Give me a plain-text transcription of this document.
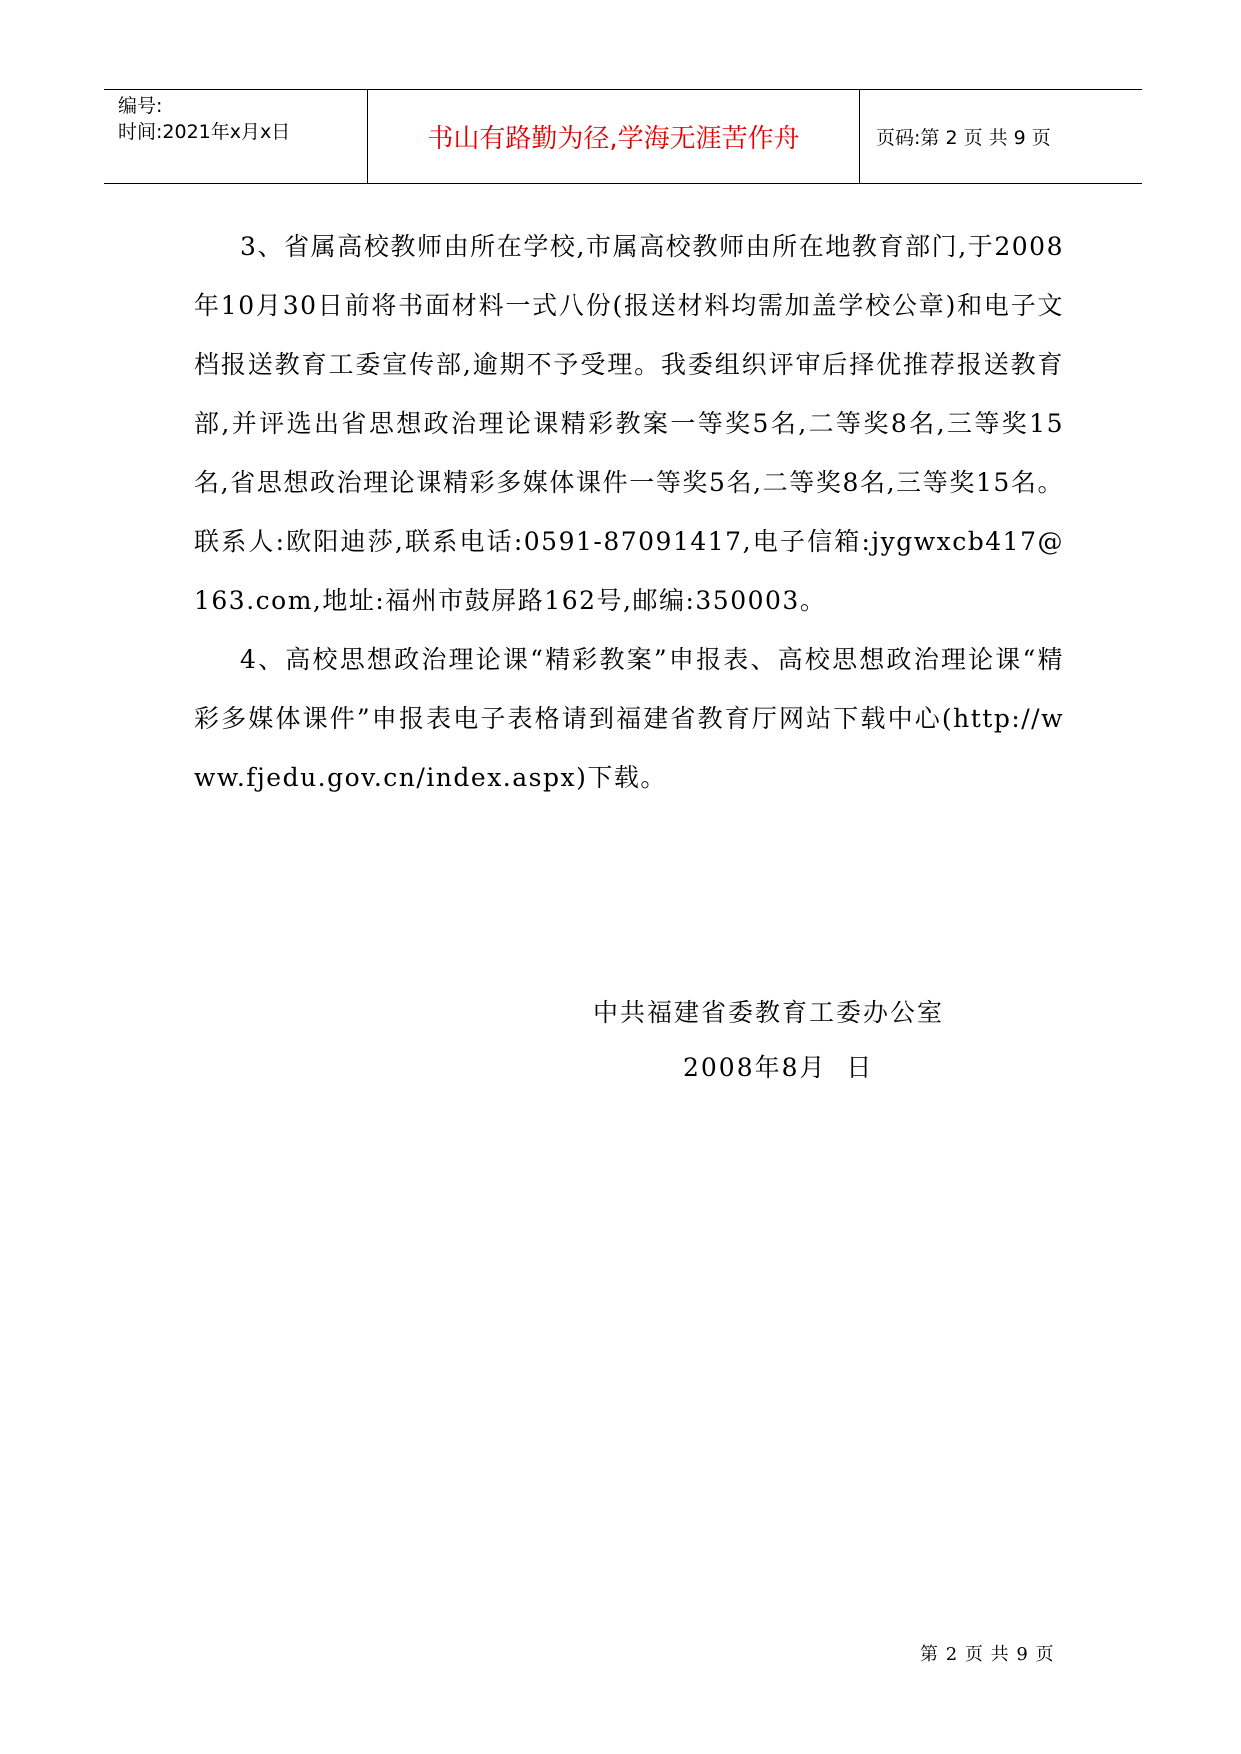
编号:
时间:2021年x月x日	书山有路勤为径,学海无涯苦作舟	页码:第 2 页 共 9 页

3、省属高校教师由所在学校,市属高校教师由所在地教育部门,于2008年10月30日前将书面材料一式八份(报送材料均需加盖学校公章)和电子文档报送教育工委宣传部,逾期不予受理。我委组织评审后择优推荐报送教育部,并评选出省思想政治理论课精彩教案一等奖5名,二等奖8名,三等奖15名,省思想政治理论课精彩多媒体课件一等奖5名,二等奖8名,三等奖15名。联系人:欧阳迪莎,联系电话:0591-87091417,电子信箱:jygwxcb417@163.com,地址:福州市鼓屏路162号,邮编:350003。

4、高校思想政治理论课“精彩教案”申报表、高校思想政治理论课“精彩多媒体课件”申报表电子表格请到福建省教育厅网站下载中心(http://www.fjedu.gov.cn/index.aspx)下载。

中共福建省委教育工委办公室
2008年8月  日
第 2 页 共 9 页
